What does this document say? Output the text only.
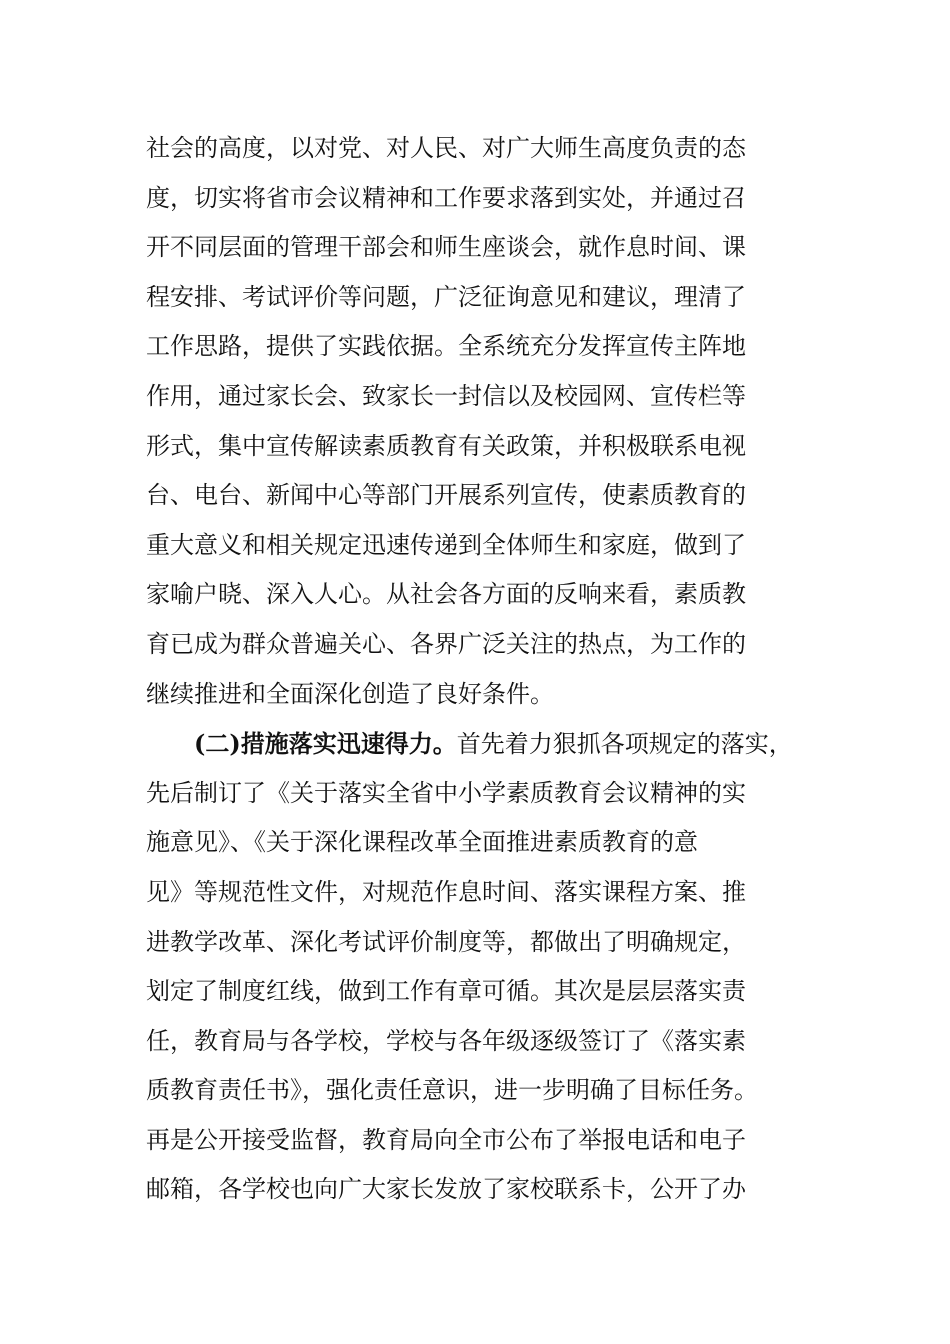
社会的高度，以对党、对人民、对广大师生高度负责的态
度，切实将省市会议精神和工作要求落到实处，并通过召
开不同层面的管理干部会和师生座谈会，就作息时间、课
程安排、考试评价等问题，广泛征询意见和建议，理清了
工作思路，提供了实践依据。全系统充分发挥宣传主阵地
作用，通过家长会、致家长一封信以及校园网、宣传栏等
形式，集中宣传解读素质教育有关政策，并积极联系电视
台、电台、新闻中心等部门开展系列宣传，使素质教育的
重大意义和相关规定迅速传递到全体师生和家庭，做到了
家喻户晓、深入人心。从社会各方面的反响来看，素质教
育已成为群众普遍关心、各界广泛关注的热点，为工作的
继续推进和全面深化创造了良好条件。
(二)措施落实迅速得力。首先着力狠抓各项规定的落实，
先后制订了《关于落实全省中小学素质教育会议精神的实
施意见》、《关于深化课程改革全面推进素质教育的意
见》等规范性文件，对规范作息时间、落实课程方案、推
进教学改革、深化考试评价制度等，都做出了明确规定，
划定了制度红线，做到工作有章可循。其次是层层落实责
任，教育局与各学校，学校与各年级逐级签订了《落实素
质教育责任书》，强化责任意识，进一步明确了目标任务。
再是公开接受监督，教育局向全市公布了举报电话和电子
邮箱，各学校也向广大家长发放了家校联系卡，公开了办
